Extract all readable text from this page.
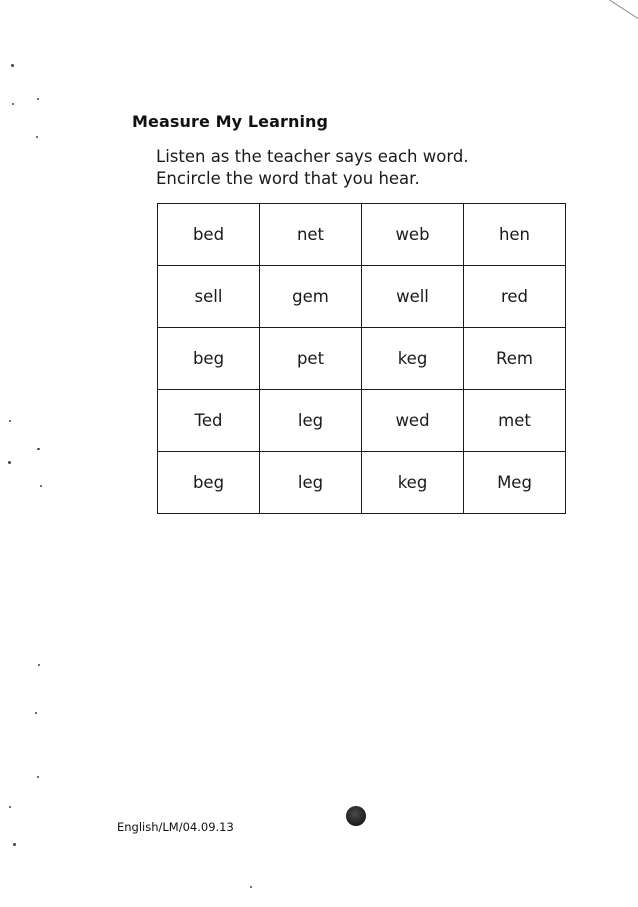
Measure My Learning
Listen as the teacher says each word.
Encircle the word that you hear.
bed	net	web	hen
sell	gem	well	red
beg	pet	keg	Rem
Ted	leg	wed	met
beg	leg	keg	Meg
English/LM/04.09.13
